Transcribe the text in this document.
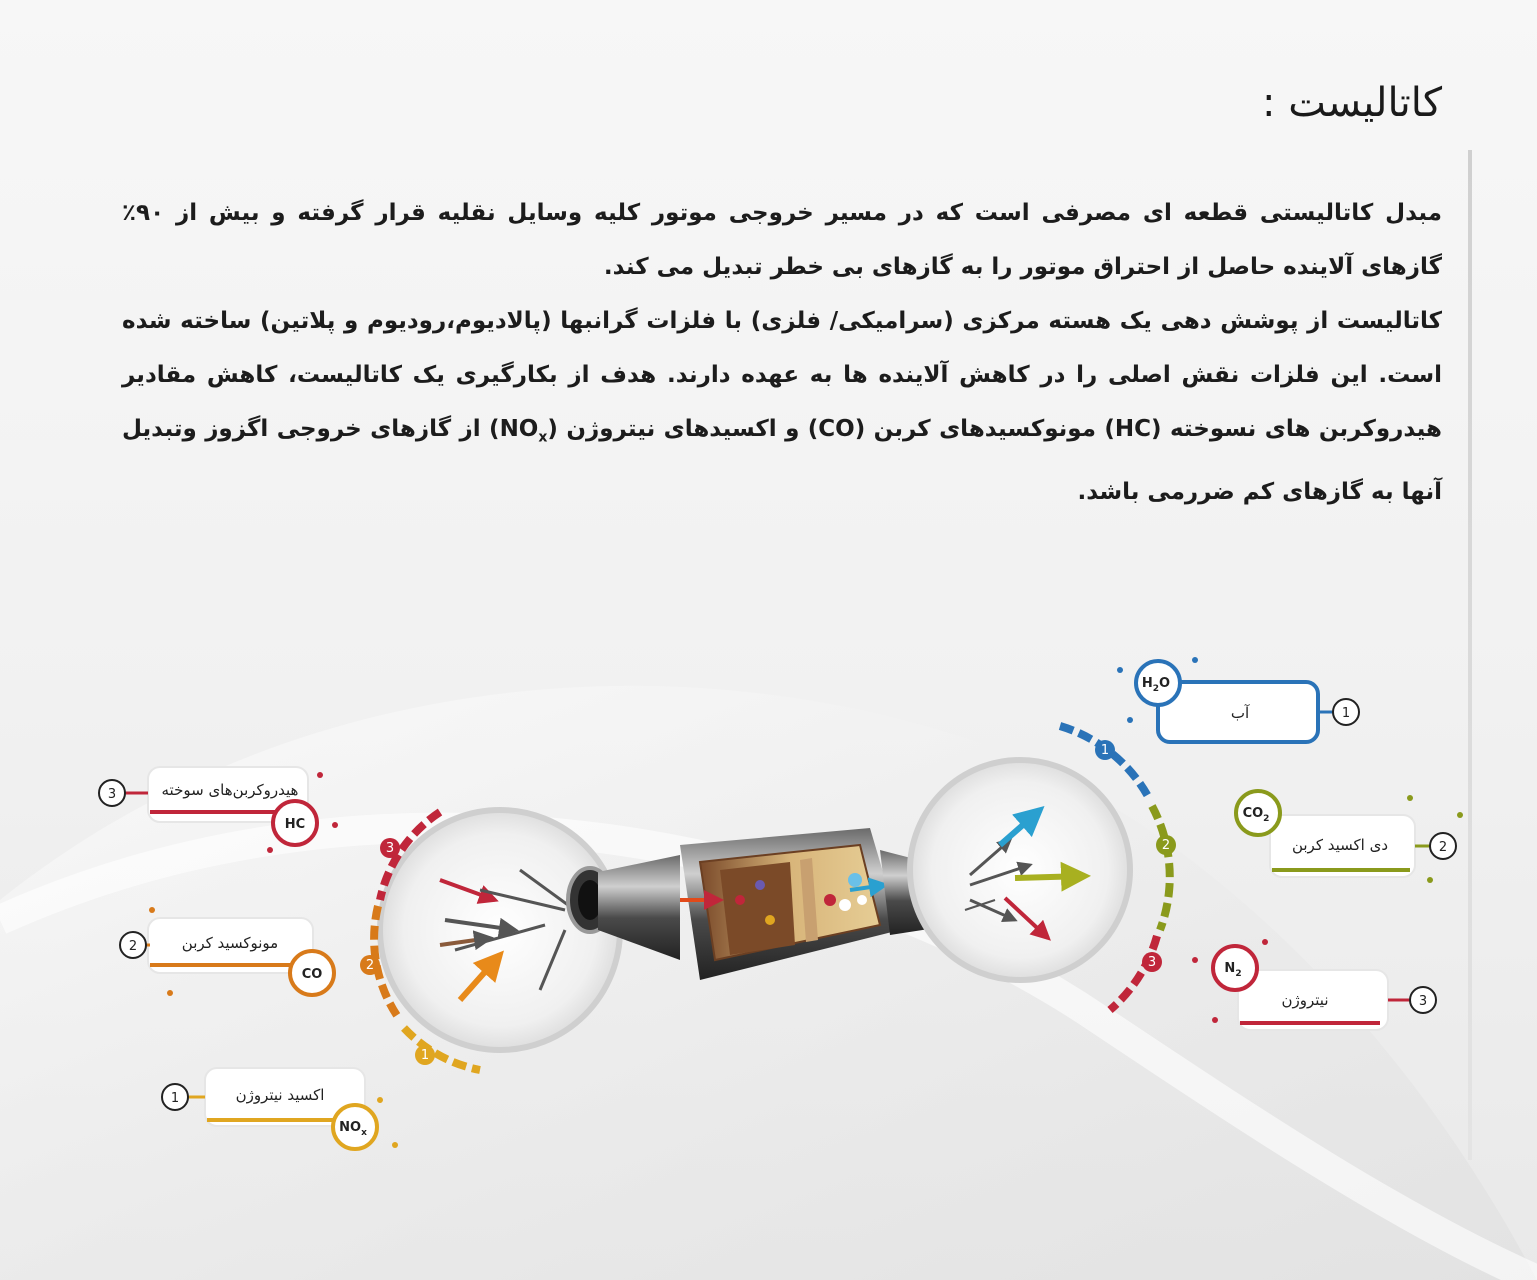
کاتالیست :

مبدل کاتالیستی قطعه ای مصرفی است که در مسیر خروجی موتور کلیه وسایل نقلیه قرار گرفته و بیش از ۹۰٪ گازهای آلاینده حاصل از احتراق موتور را به گازهای بی خطر تبدیل می کند.

کاتالیست از پوشش دهی یک هسته مرکزی (سرامیکی/ فلزی) با فلزات گرانبها (پالادیوم،رودیوم و پلاتین) ساخته شده است. این فلزات نقش اصلی را در کاهش آلاینده ها به عهده دارند. هدف از بکارگیری یک کاتالیست، کاهش مقادیر هیدروکربن های نسوخته (HC) مونوکسیدهای کربن (CO) و اکسیدهای نیتروژن $(NO_x)$ از گازهای خروجی اگزوز وتبدیل آنها به گازهای کم ضررمی باشد.

3
2
1
1
2
3
هیدروکربن‌های سوخته
3
HC
مونوکسید کربن
2
CO
اکسید نیتروژن
1
$NO_x$
آب	1
$H_2O$
دی اکسید کربن	2
$CO_2$
نیتروژن	3
$N_2$
